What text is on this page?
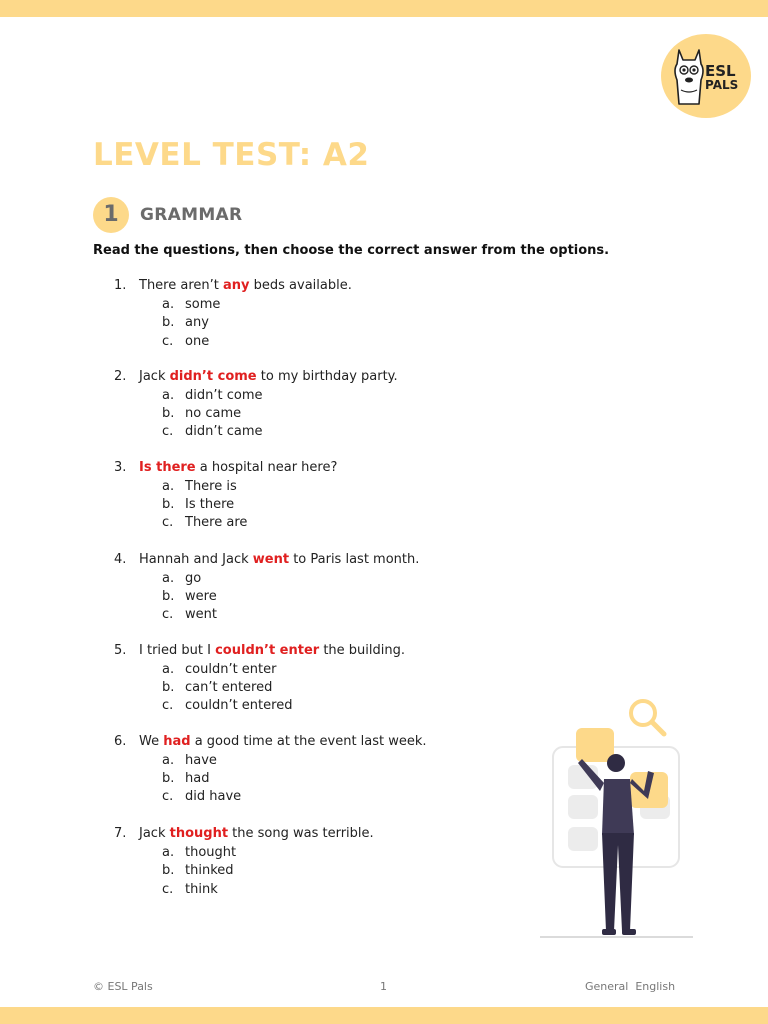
ESL
PALS
LEVEL TEST: A2
1	GRAMMAR
Read the questions, then choose the correct answer from the options.
1. There aren’t any beds available.
a. some
b. any
c. one
2. Jack didn’t come to my birthday party.
a. didn’t come
b. no came
c. didn’t came
3. Is there a hospital near here?
a. There is
b. Is there
c. There are
4. Hannah and Jack went to Paris last month.
a. go
b. were
c. went
5. I tried but I couldn’t enter the building.
a. couldn’t enter
b. can’t entered
c. couldn’t entered
6. We had a good time at the event last week.
a. have
b. had
c. did have
7. Jack thought the song was terrible.
a. thought
b. thinked
c. think
© ESL Pals	1	General  English
